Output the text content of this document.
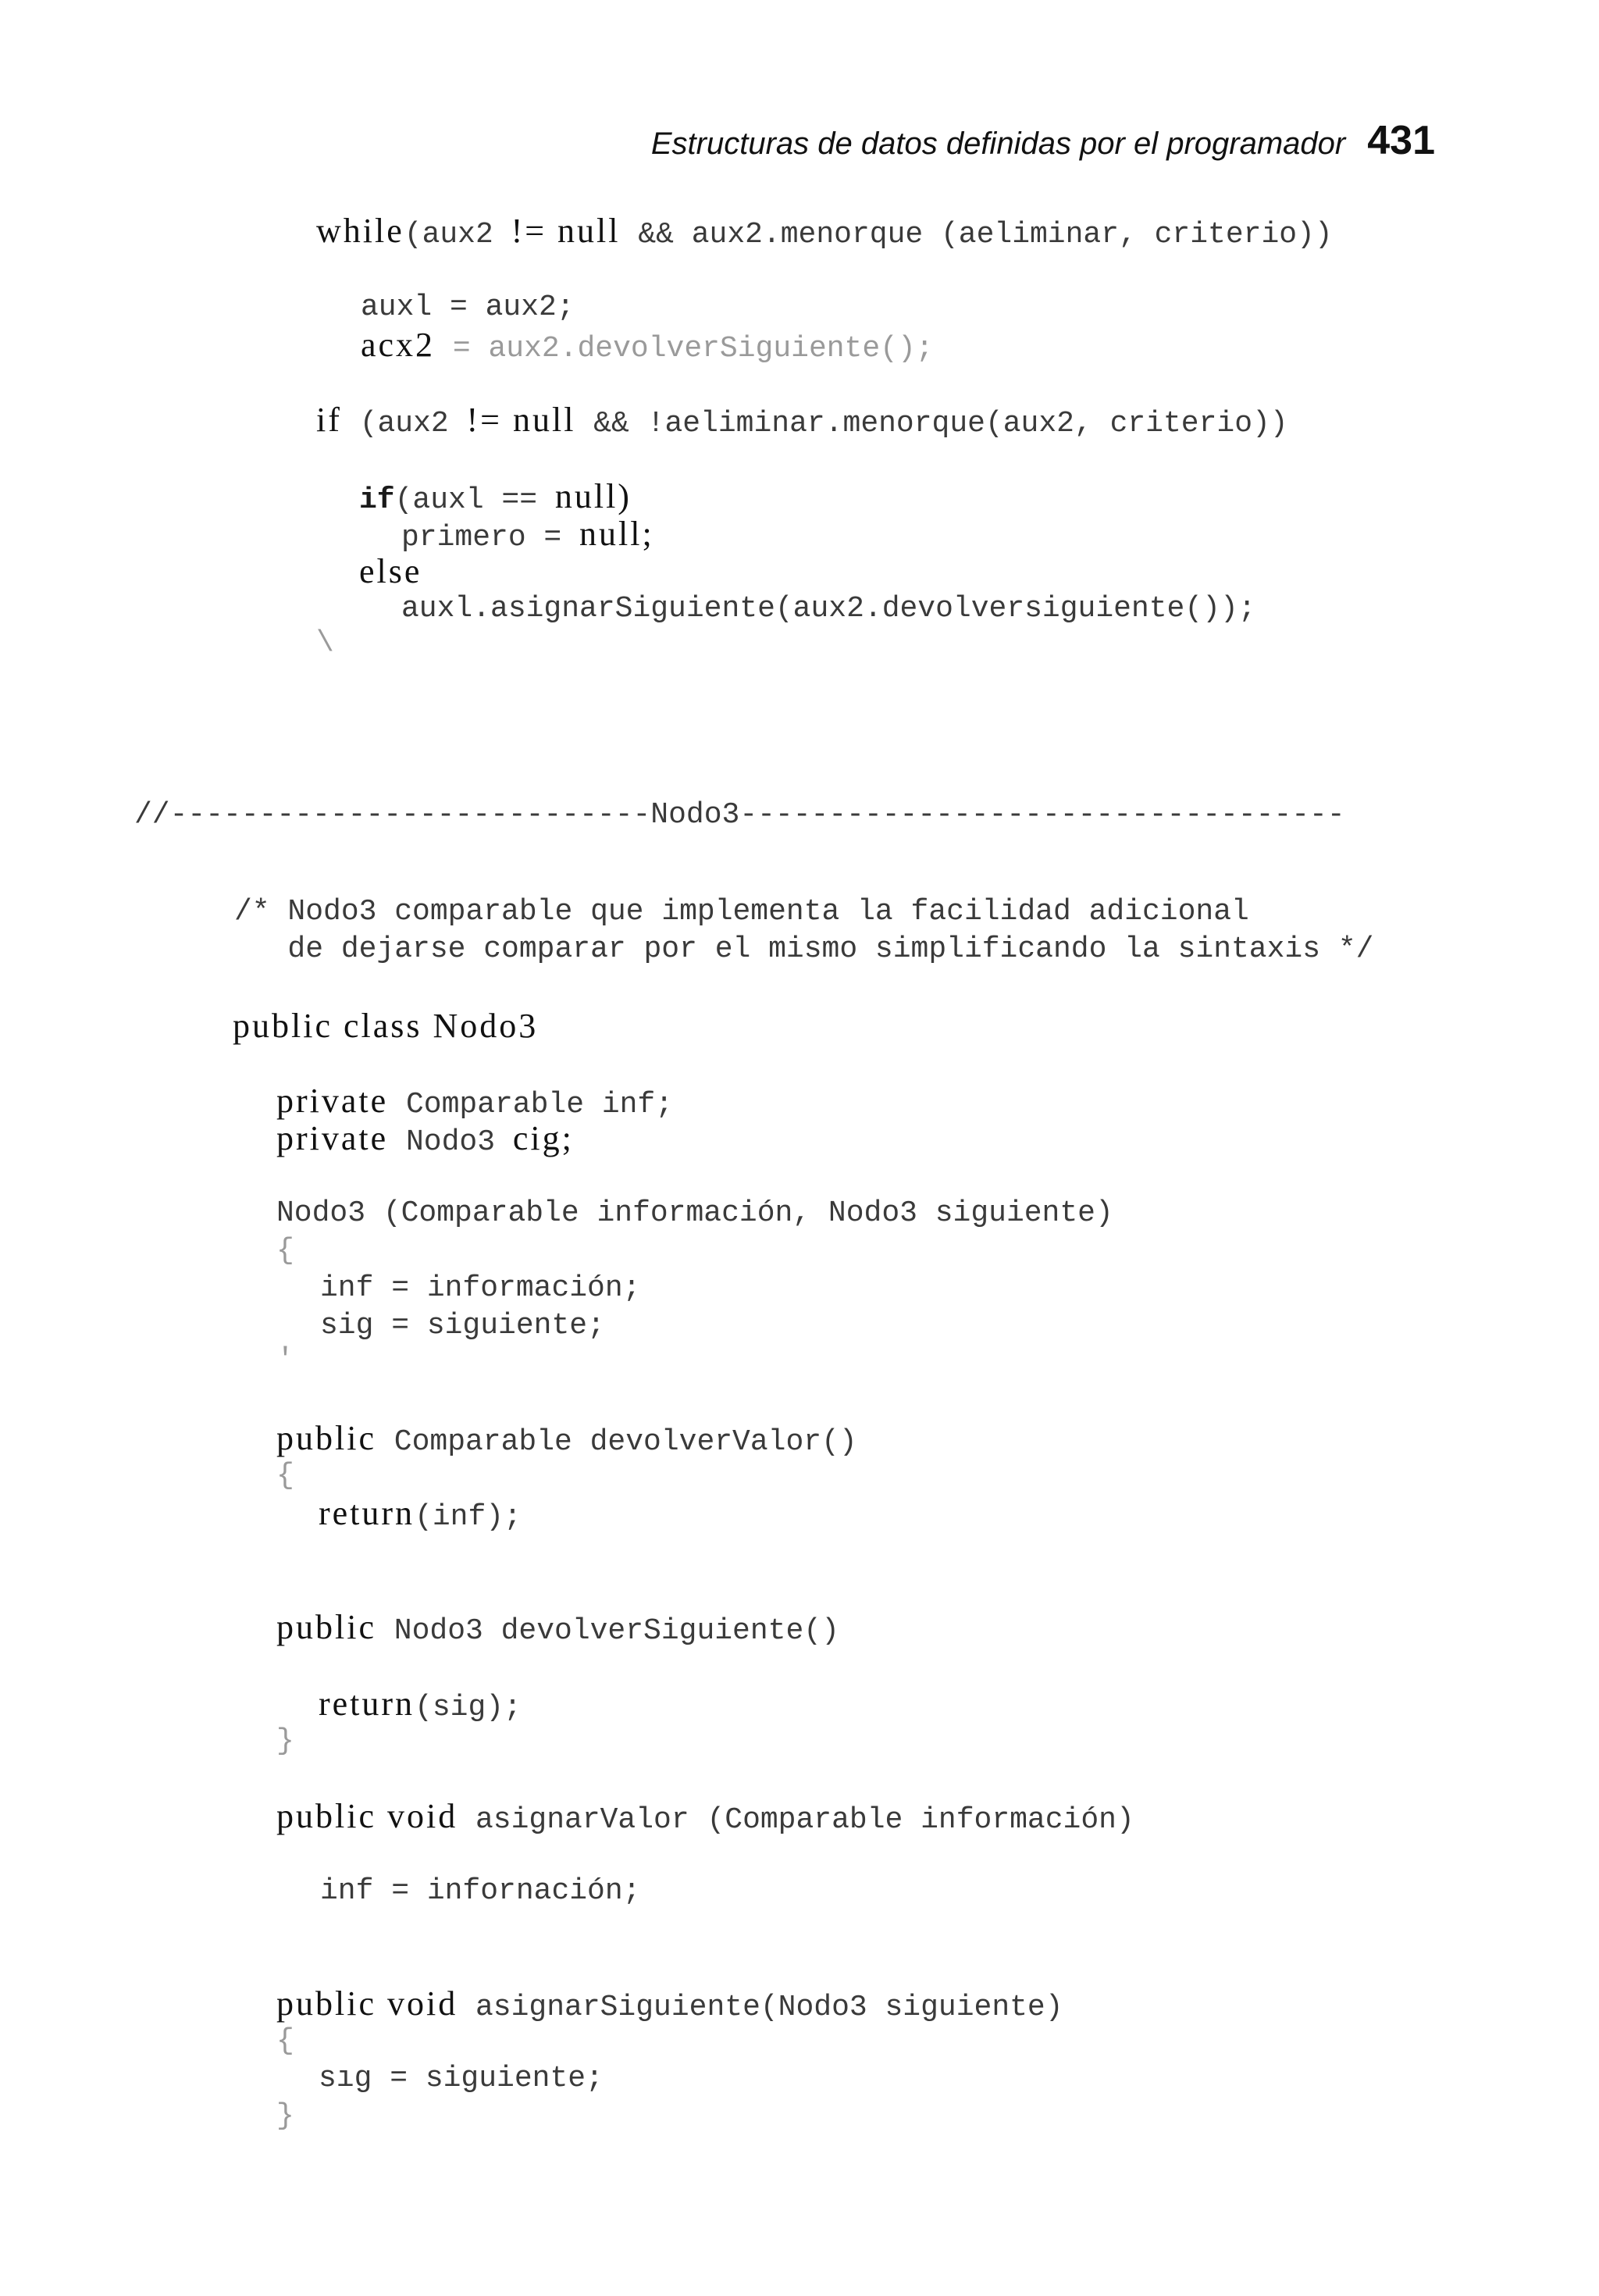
Estructuras de datos definidas por el programador 431
while(aux2 != null && aux2.menorque (aeliminar, criterio))
auxl = aux2;
acx2 = aux2.devolverSiguiente();
if (aux2 != null && !aeliminar.menorque(aux2, criterio))
if(auxl == null)
primero = null;
else
auxl.asignarSiguiente(aux2.devolversiguiente());
\
//---------------------------Nodo3----------------------------------
/* Nodo3 comparable que implementa la facilidad adicional
de dejarse comparar por el mismo simplificando la sintaxis */
public class Nodo3
private Comparable inf;
private Nodo3 cig;
Nodo3 (Comparable información, Nodo3 siguiente)
{
inf = información;
sig = siguiente;
'
public Comparable devolverValor()
{
return(inf);
public Nodo3 devolverSiguiente()
return(sig);
}
public void asignarValor (Comparable información)
inf = infornación;
public void asignarSiguiente(Nodo3 siguiente)
{
sıg = siguiente;
}
